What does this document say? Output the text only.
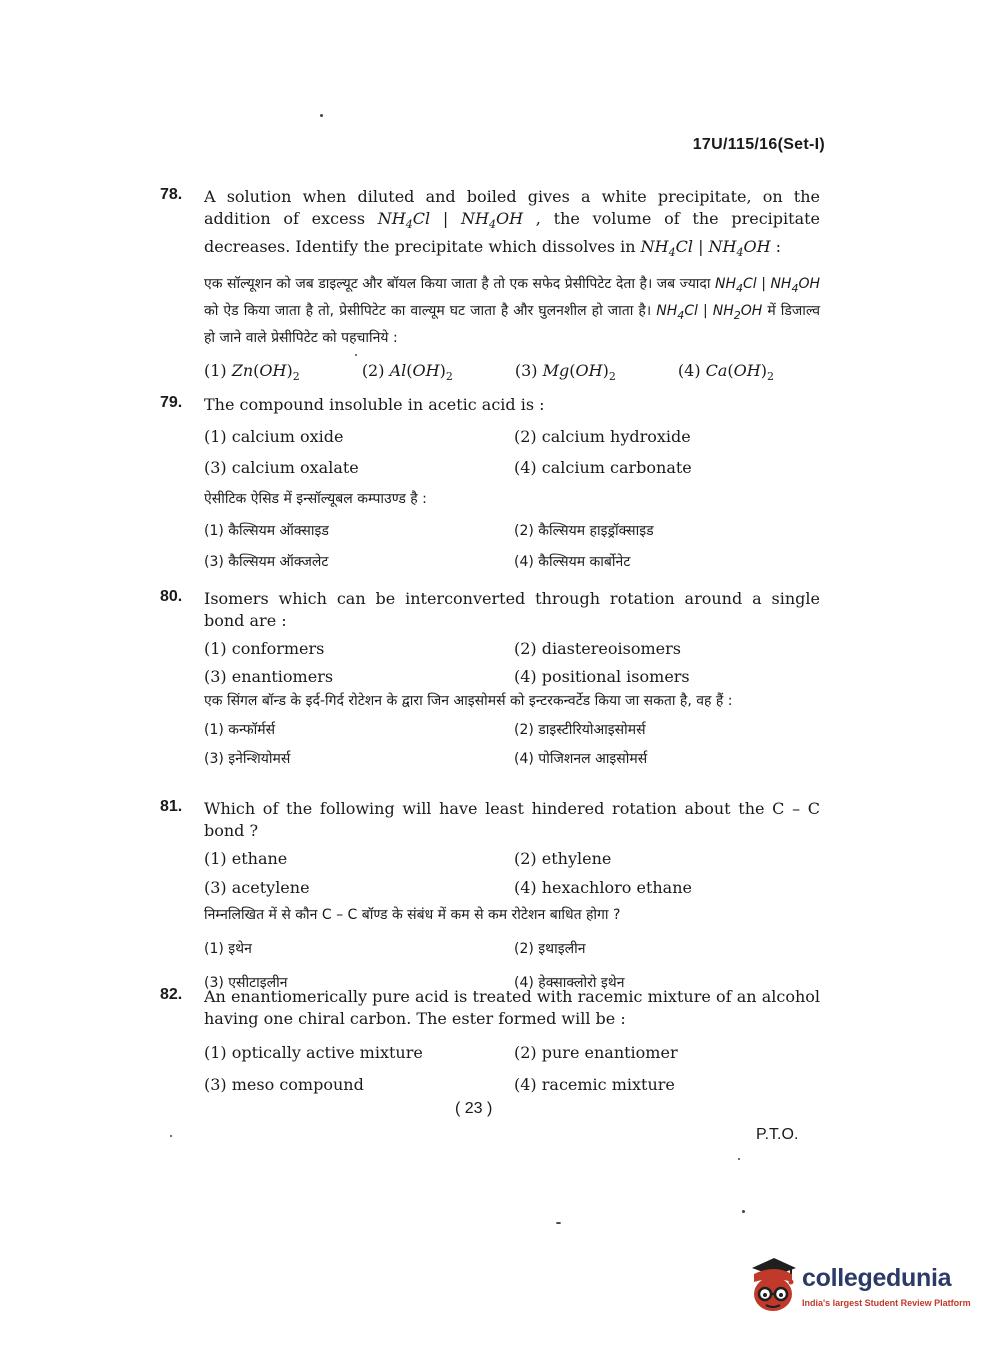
17U/115/16(Set-I)
78.	A solution when diluted and boiled gives a white precipitate, on the addition of excess $NH_4Cl$ | $NH_4OH$ , the volume of the precipitate decreases. Identify the precipitate which dissolves in $NH_4Cl$ | $NH_4OH$ :
एक सॉल्यूशन को जब डाइल्यूट और बॉयल किया जाता है तो एक सफेद प्रेसीपिटेट देता है। जब ज्यादा $NH_4Cl$ | $NH_4OH$ को ऐड किया जाता है तो, प्रेसीपिटेट का वाल्यूम घट जाता है और घुलनशील हो जाता है। $NH_4Cl$ | $NH_2OH$ में डिजाल्व हो जाने वाले प्रेसीपिटेट को पहचानिये :
(1) $Zn(OH)_2$	(2) $Al(OH)_2$	(3) $Mg(OH)_2$	(4) $Ca(OH)_2$
79.	The compound insoluble in acetic acid is :
(1) calcium oxide	(2) calcium hydroxide
(3) calcium oxalate	(4) calcium carbonate
ऐसीटिक ऐसिड में इन्सॉल्यूबल कम्पाउण्ड है :
(1) कैल्सियम ऑक्साइड	(2) कैल्सियम हाइड्रॉक्साइड
(3) कैल्सियम ऑक्जलेट	(4) कैल्सियम कार्बोनेट
80.	Isomers which can be interconverted through rotation around a single bond are :
(1) conformers	(2) diastereoisomers
(3) enantiomers	(4) positional isomers
एक सिंगल बॉन्ड के इर्द-गिर्द रोटेशन के द्वारा जिन आइसोमर्स को इन्टरकन्वर्टेड किया जा सकता है, वह हैं :
(1) कन्फॉर्मर्स	(2) डाइस्टीरियोआइसोमर्स
(3) इनेन्शियोमर्स	(4) पोजिशनल आइसोमर्स
81.	Which of the following will have least hindered rotation about the C – C bond ?
(1) ethane	(2) ethylene
(3) acetylene	(4) hexachloro ethane
निम्नलिखित में से कौन C – C बॉण्ड के संबंध में कम से कम रोटेशन बाधित होगा ?
(1) इथेन	(2) इथाइलीन
(3) एसीटाइलीन	(4) हेक्साक्लोरो इथेन
82.	An enantiomerically pure acid is treated with racemic mixture of an alcohol having one chiral carbon. The ester formed will be :
(1) optically active mixture	(2) pure enantiomer
(3) meso compound	(4) racemic mixture
( 23 )
P.T.O.
collegedunia
India's largest Student Review Platform
